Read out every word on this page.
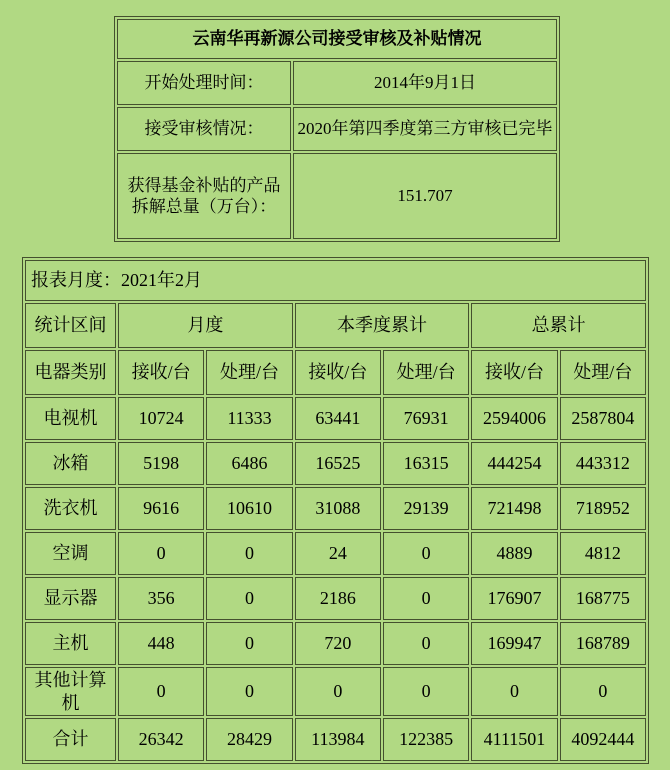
云南华再新源公司接受审核及补贴情况	
开始处理时间：	2014年9月1日
接受审核情况：	2020年第四季度第三方审核已完毕
获得基金补贴的产品拆解总量（万台）：	151.707
报表月度：2021年2月						
统计区间	月度		本季度累计		总累计	
电器类别	接收/台	处理/台	接收/台	处理/台	接收/台	处理/台
电视机	10724	11333	63441	76931	2594006	2587804
冰箱	5198	6486	16525	16315	444254	443312
洗衣机	9616	10610	31088	29139	721498	718952
空调	0	0	24	0	4889	4812
显示器	356	0	2186	0	176907	168775
主机	448	0	720	0	169947	168789
其他计算机	0	0	0	0	0	0
合计	26342	28429	113984	122385	4111501	4092444
